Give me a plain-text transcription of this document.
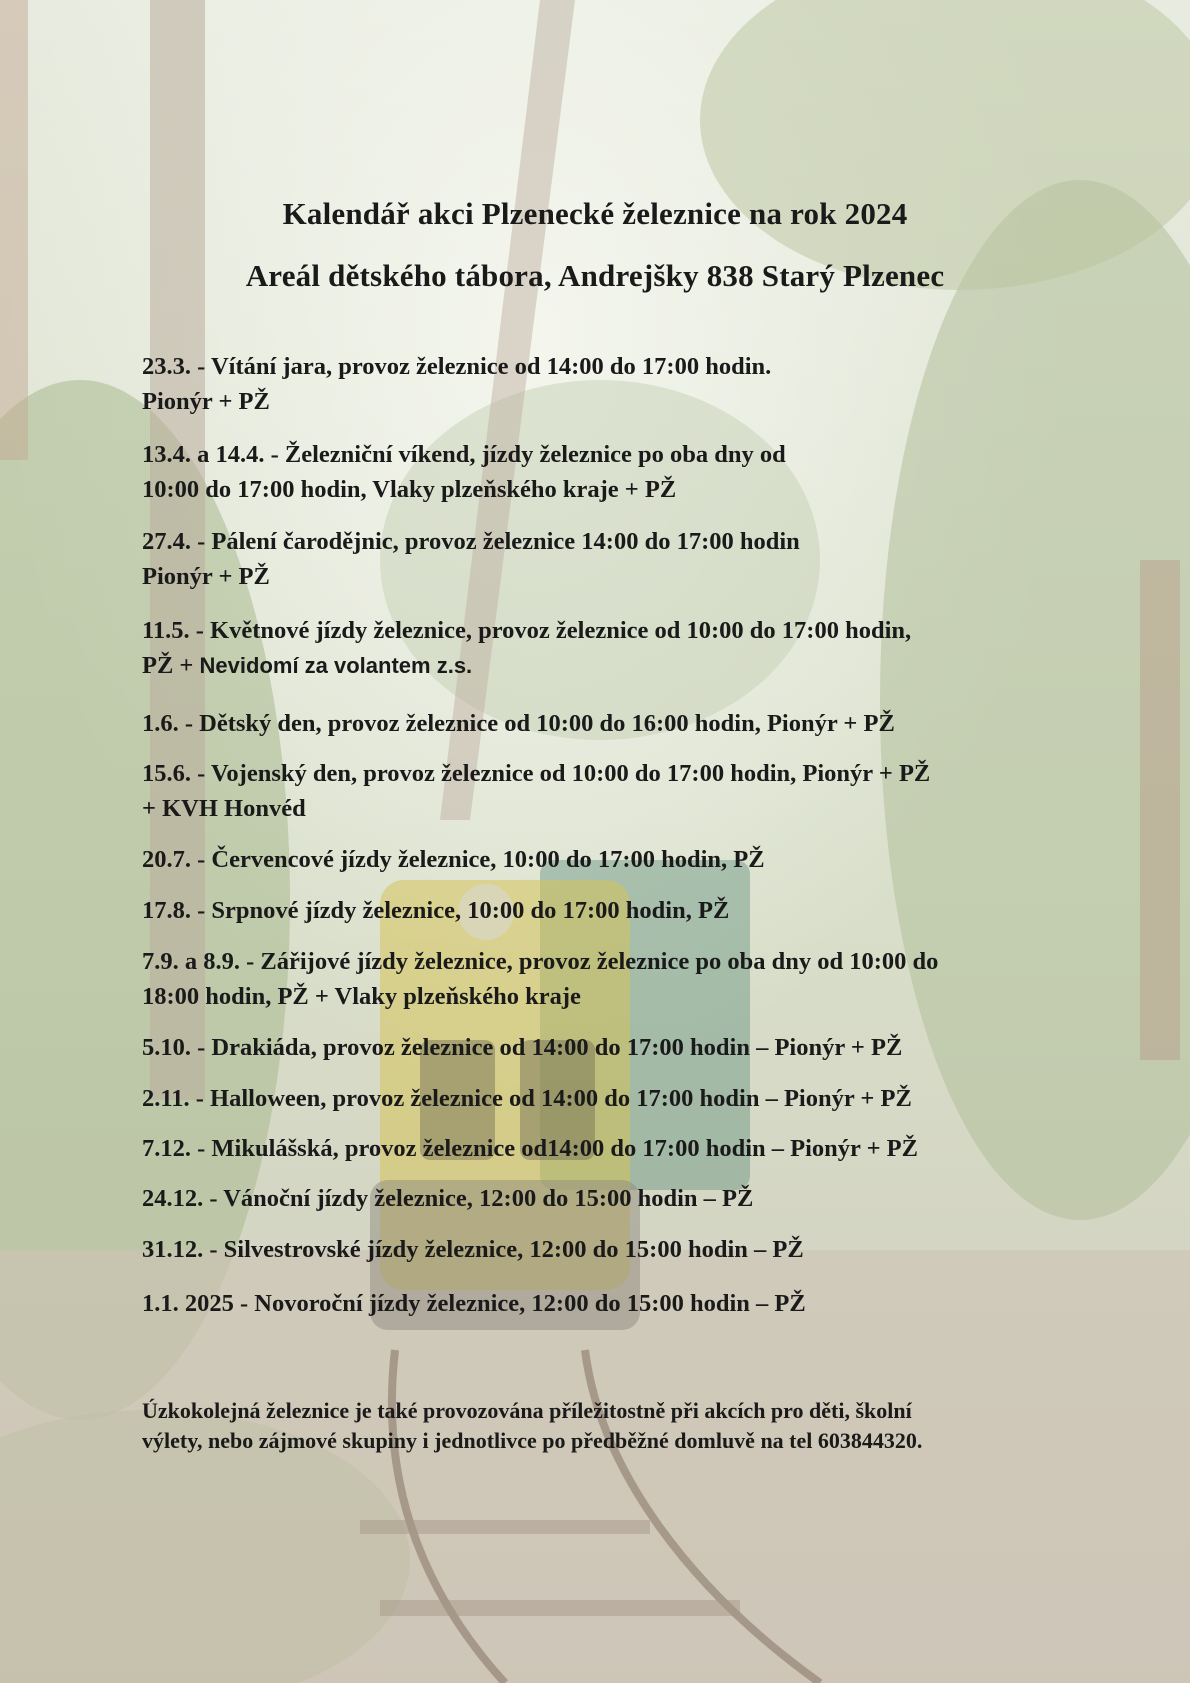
Kalendář akci Plzenecké železnice na rok 2024
Areál dětského tábora, Andrejšky 838 Starý Plzenec
23.3. - Vítání jara, provoz železnice od 14:00 do 17:00 hodin.
Pionýr + PŽ
13.4. a 14.4. - Železniční víkend, jízdy železnice po oba dny od
10:00 do 17:00 hodin, Vlaky plzeňského kraje + PŽ
27.4. - Pálení čarodějnic, provoz železnice 14:00 do 17:00 hodin
Pionýr + PŽ
11.5. - Květnové jízdy železnice, provoz železnice od 10:00 do 17:00 hodin,
PŽ + Nevidomí za volantem z.s.
1.6. - Dětský den, provoz železnice od 10:00 do 16:00 hodin, Pionýr + PŽ
15.6. - Vojenský den, provoz železnice od 10:00 do 17:00 hodin, Pionýr + PŽ
+ KVH Honvéd
20.7. - Červencové jízdy železnice, 10:00 do 17:00 hodin, PŽ
17.8. - Srpnové jízdy železnice, 10:00 do 17:00 hodin, PŽ
7.9. a 8.9. - Zářijové jízdy železnice, provoz železnice po oba dny od 10:00 do
18:00 hodin, PŽ + Vlaky plzeňského kraje
5.10. - Drakiáda, provoz železnice od 14:00 do 17:00 hodin – Pionýr + PŽ
2.11. - Halloween, provoz železnice od 14:00 do 17:00 hodin – Pionýr + PŽ
7.12. - Mikulášská, provoz železnice od14:00 do 17:00 hodin – Pionýr + PŽ
24.12. - Vánoční jízdy železnice, 12:00 do 15:00 hodin – PŽ
31.12. - Silvestrovské jízdy železnice, 12:00 do 15:00 hodin – PŽ
1.1. 2025 - Novoroční jízdy železnice, 12:00 do 15:00 hodin – PŽ
Úzkokolejná železnice je také provozována příležitostně při akcích pro děti, školní
výlety, nebo zájmové skupiny i jednotlivce po předběžné domluvě na tel 603844320.
